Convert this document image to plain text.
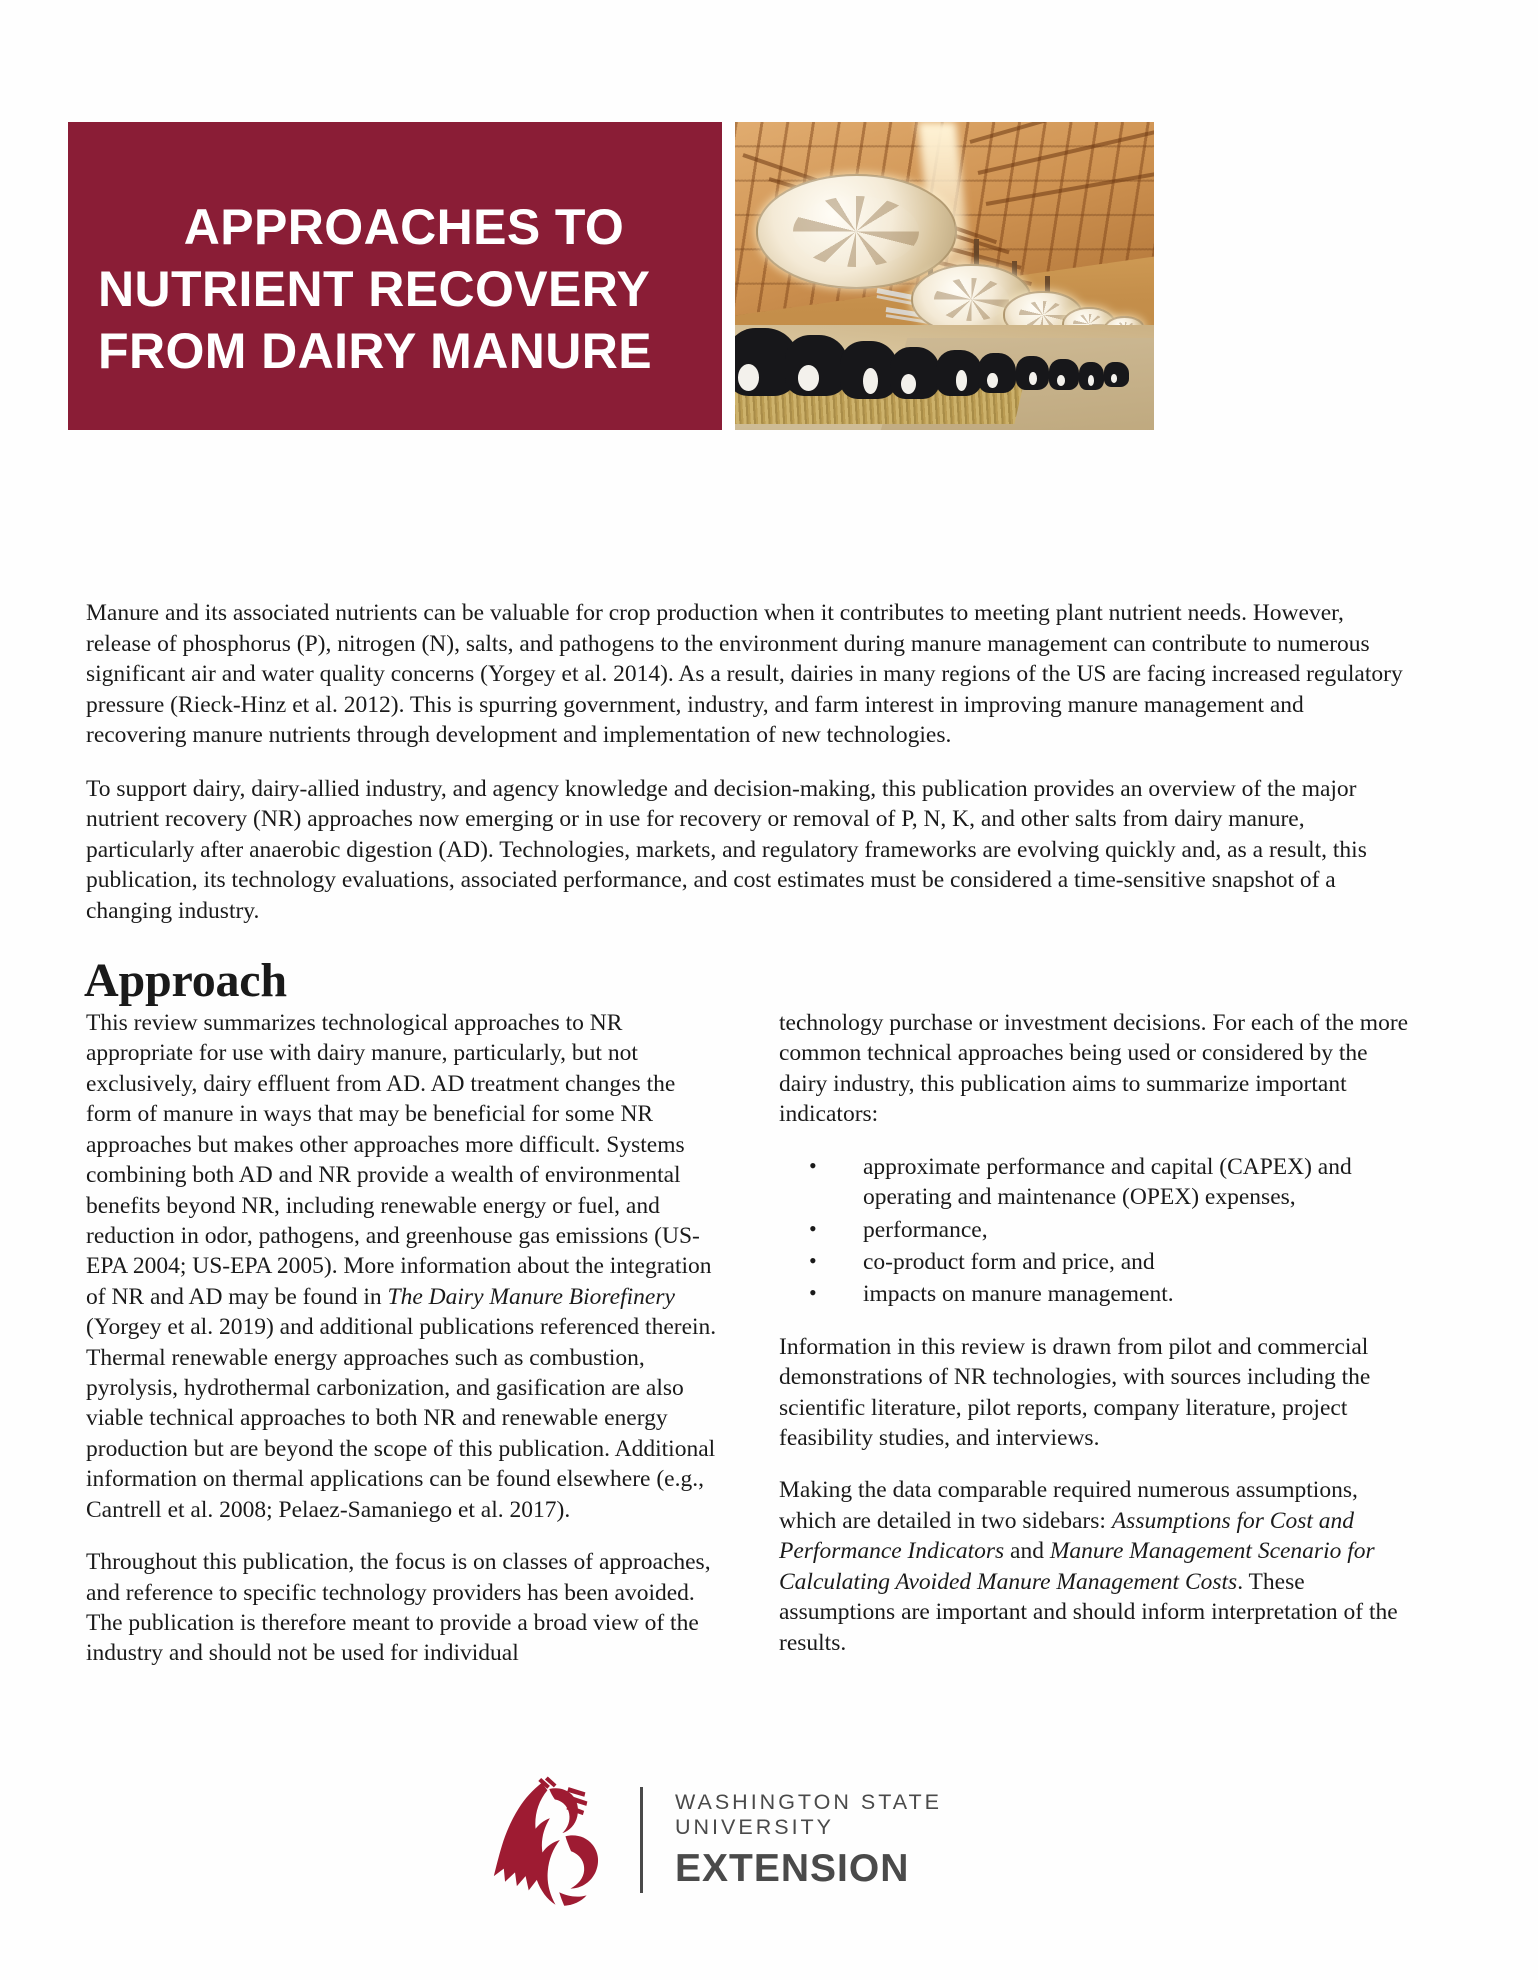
APPROACHES TO
NUTRIENT RECOVERY
FROM DAIRY MANURE

Manure and its associated nutrients can be valuable for crop production when it contributes to meeting plant nutrient needs. However, release of phosphorus (P), nitrogen (N), salts, and pathogens to the environment during manure management can contribute to numerous significant air and water quality concerns (Yorgey et al. 2014). As a result, dairies in many regions of the US are facing increased regulatory pressure (Rieck-Hinz et al. 2012). This is spurring government, industry, and farm interest in improving manure management and recovering manure nutrients through development and implementation of new technologies.

To support dairy, dairy-allied industry, and agency knowledge and decision-making, this publication provides an overview of the major nutrient recovery (NR) approaches now emerging or in use for recovery or removal of P, N, K, and other salts from dairy manure, particularly after anaerobic digestion (AD). Technologies, markets, and regulatory frameworks are evolving quickly and, as a result, this publication, its technology evaluations, associated performance, and cost estimates must be considered a time-sensitive snapshot of a changing industry.

Approach

This review summarizes technological approaches to NR appropriate for use with dairy manure, particularly, but not exclusively, dairy effluent from AD. AD treatment changes the form of manure in ways that may be beneficial for some NR approaches but makes other approaches more difficult. Systems combining both AD and NR provide a wealth of environmental benefits beyond NR, including renewable energy or fuel, and reduction in odor, pathogens, and greenhouse gas emissions (US-EPA 2004; US-EPA 2005). More information about the integration of NR and AD may be found in The Dairy Manure Biorefinery (Yorgey et al. 2019) and additional publications referenced therein. Thermal renewable energy approaches such as combustion, pyrolysis, hydrothermal carbonization, and gasification are also viable technical approaches to both NR and renewable energy production but are beyond the scope of this publication. Additional information on thermal applications can be found elsewhere (e.g., Cantrell et al. 2008; Pelaez-Samaniego et al. 2017).

Throughout this publication, the focus is on classes of approaches, and reference to specific technology providers has been avoided. The publication is therefore meant to provide a broad view of the industry and should not be used for individual

technology purchase or investment decisions. For each of the more common technical approaches being used or considered by the dairy industry, this publication aims to summarize important indicators:

• approximate performance and capital (CAPEX) and operating and maintenance (OPEX) expenses,
• performance,
• co-product form and price, and
• impacts on manure management.

Information in this review is drawn from pilot and commercial demonstrations of NR technologies, with sources including the scientific literature, pilot reports, company literature, project feasibility studies, and interviews.

Making the data comparable required numerous assumptions, which are detailed in two sidebars: Assumptions for Cost and Performance Indicators and Manure Management Scenario for Calculating Avoided Manure Management Costs. These assumptions are important and should inform interpretation of the results.

WASHINGTON STATE UNIVERSITY
EXTENSION
